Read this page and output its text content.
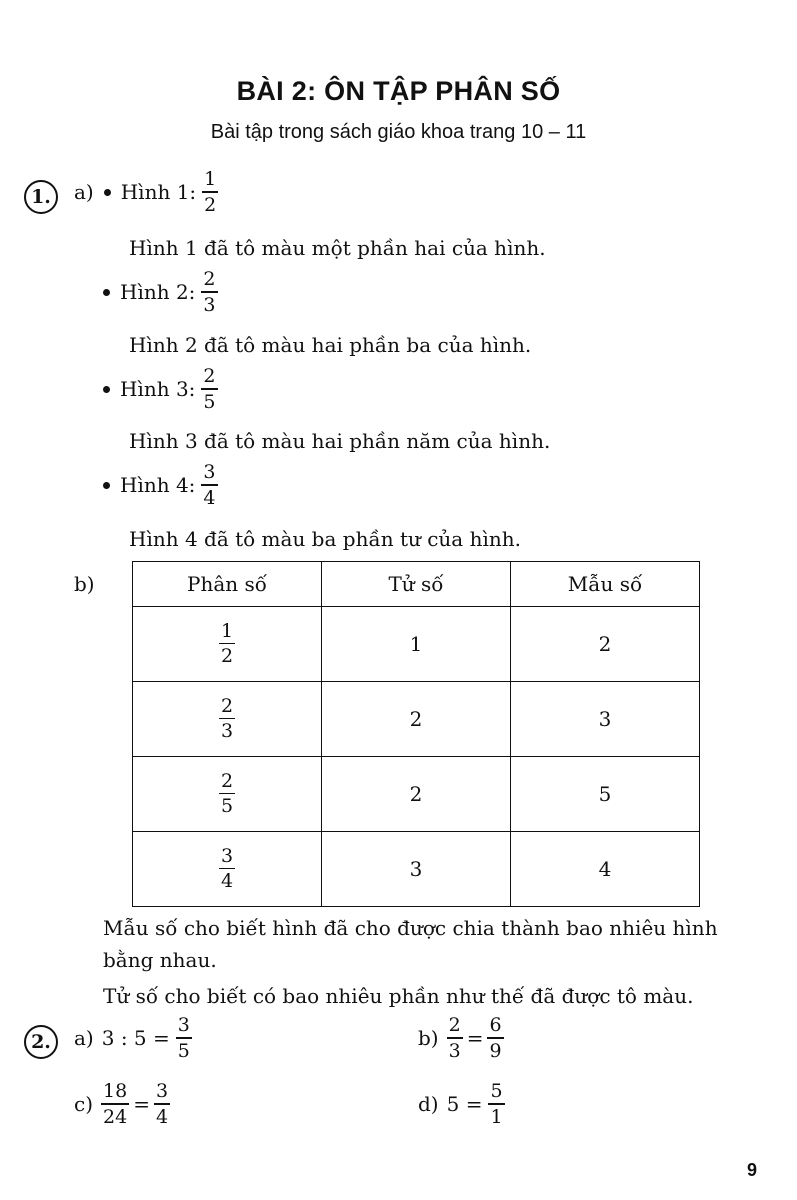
BÀI 2: ÔN TẬP PHÂN SỐ
Bài tập trong sách giáo khoa trang 10 – 11
1.	a) Hình 1: $\frac{1}{2}$
Hình 1 đã tô màu một phần hai của hình.
Hình 2: $\frac{2}{3}$
Hình 2 đã tô màu hai phần ba của hình.
Hình 3: $\frac{2}{5}$
Hình 3 đã tô màu hai phần năm của hình.
Hình 4: $\frac{3}{4}$
Hình 4 đã tô màu ba phần tư của hình.
b)	Phân số	Tử số	Mẫu số

$\frac{1}{2}$	1	2

$\frac{2}{3}$	2	3

$\frac{2}{5}$	2	5

$\frac{3}{4}$	3	4
Mẫu số cho biết hình đã cho được chia thành bao nhiêu hình
bằng nhau.
Tử số cho biết có bao nhiêu phần như thế đã được tô màu.
2.	a) 3 : $5 = \frac{3}{5}$	$b) \frac{2}{3} = \frac{6}{9}$
$c) \frac{18}{24} = \frac{3}{4}$	d) $5 = \frac{5}{1}$
9
